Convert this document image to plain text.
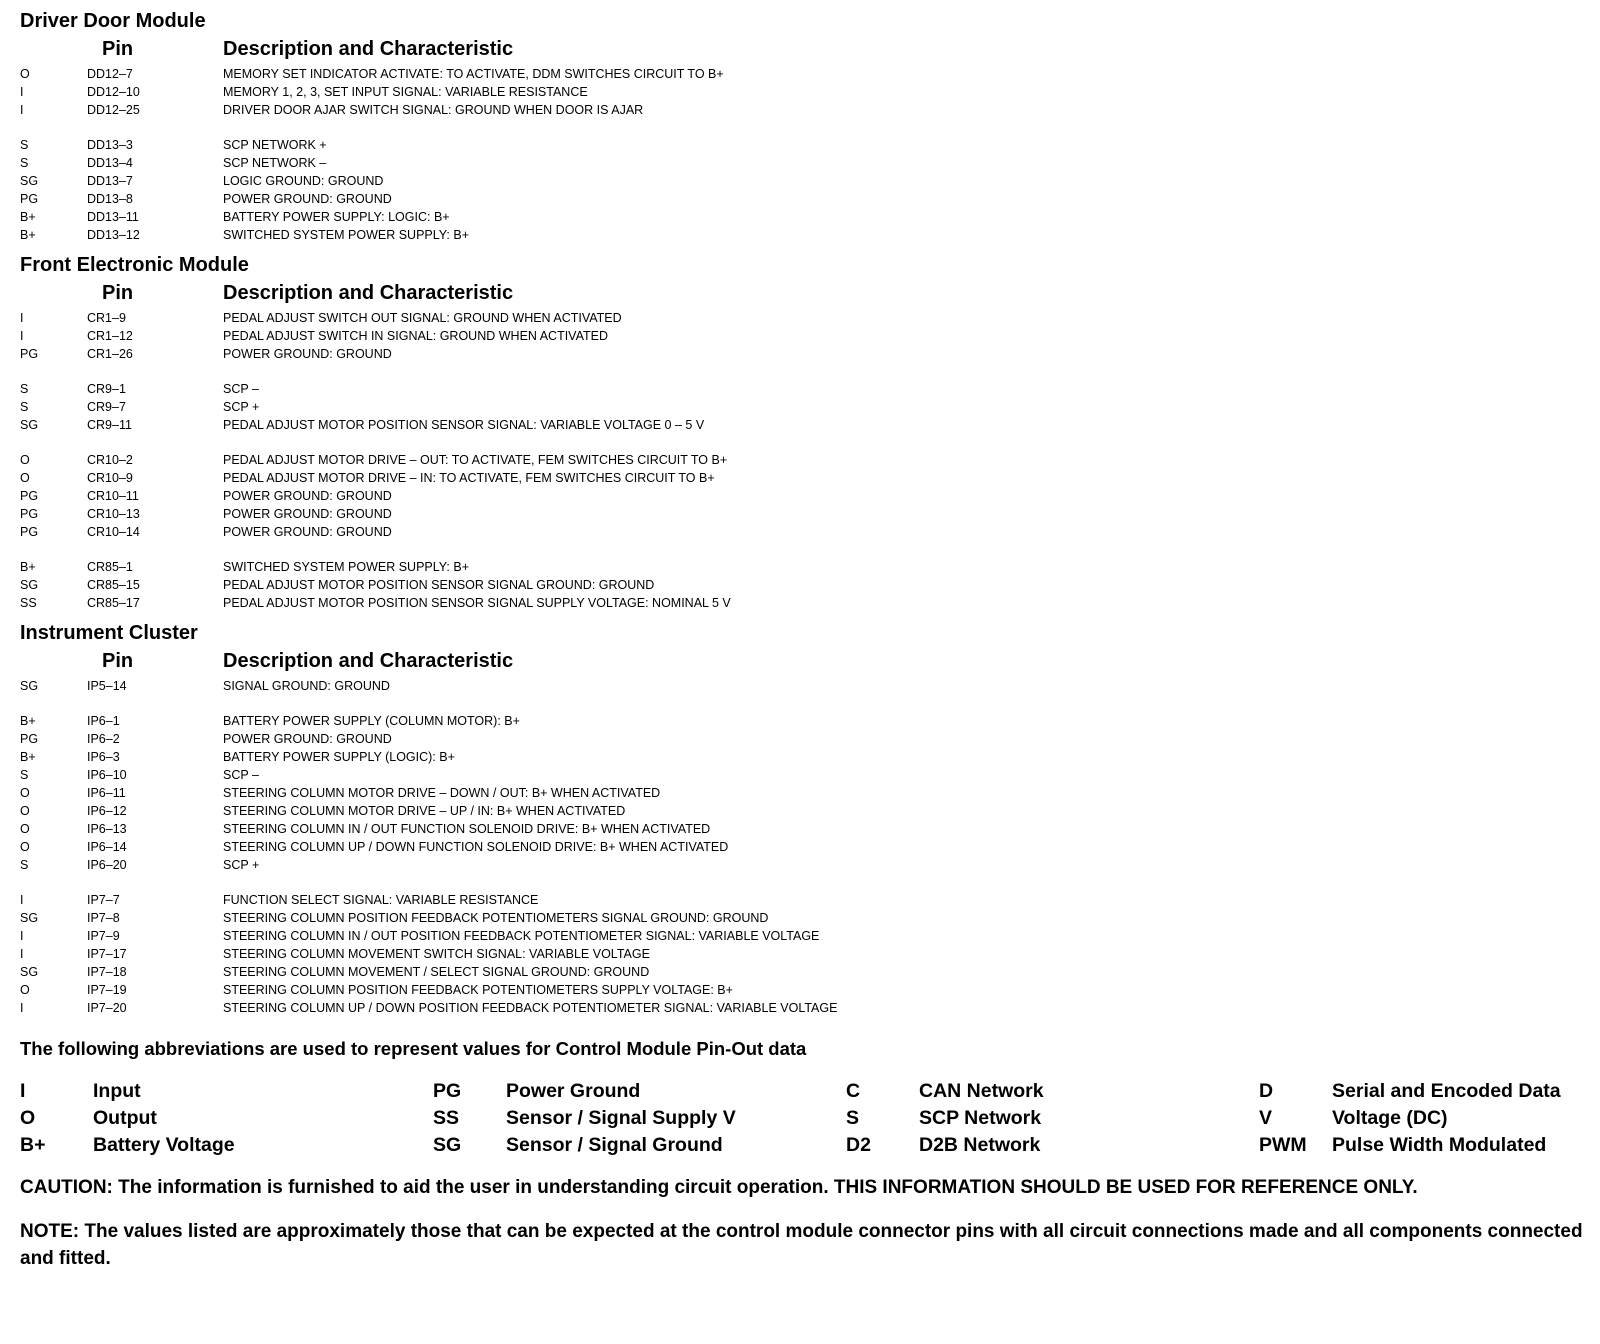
Driver Door Module
Pin	Description and Characteristic
O	DD12–7	MEMORY SET INDICATOR ACTIVATE: TO ACTIVATE, DDM SWITCHES CIRCUIT TO B+
I	DD12–10	MEMORY 1, 2, 3, SET INPUT SIGNAL: VARIABLE RESISTANCE
I	DD12–25	DRIVER DOOR AJAR SWITCH SIGNAL: GROUND WHEN DOOR IS AJAR
S	DD13–3	SCP NETWORK +
S	DD13–4	SCP NETWORK –
SG	DD13–7	LOGIC GROUND: GROUND
PG	DD13–8	POWER GROUND: GROUND
B+	DD13–11	BATTERY POWER SUPPLY: LOGIC: B+
B+	DD13–12	SWITCHED SYSTEM POWER SUPPLY: B+
Front Electronic Module
Pin	Description and Characteristic
I	CR1–9	PEDAL ADJUST SWITCH OUT SIGNAL: GROUND WHEN ACTIVATED
I	CR1–12	PEDAL ADJUST SWITCH IN SIGNAL: GROUND WHEN ACTIVATED
PG	CR1–26	POWER GROUND: GROUND
S	CR9–1	SCP –
S	CR9–7	SCP +
SG	CR9–11	PEDAL ADJUST MOTOR POSITION SENSOR SIGNAL: VARIABLE VOLTAGE 0 – 5 V
O	CR10–2	PEDAL ADJUST MOTOR DRIVE – OUT: TO ACTIVATE, FEM SWITCHES CIRCUIT TO B+
O	CR10–9	PEDAL ADJUST MOTOR DRIVE – IN: TO ACTIVATE, FEM SWITCHES CIRCUIT TO B+
PG	CR10–11	POWER GROUND: GROUND
PG	CR10–13	POWER GROUND: GROUND
PG	CR10–14	POWER GROUND: GROUND
B+	CR85–1	SWITCHED SYSTEM POWER SUPPLY: B+
SG	CR85–15	PEDAL ADJUST MOTOR POSITION SENSOR SIGNAL GROUND: GROUND
SS	CR85–17	PEDAL ADJUST MOTOR POSITION SENSOR SIGNAL SUPPLY VOLTAGE: NOMINAL 5 V
Instrument Cluster
Pin	Description and Characteristic
SG	IP5–14	SIGNAL GROUND: GROUND
B+	IP6–1	BATTERY POWER SUPPLY (COLUMN MOTOR): B+
PG	IP6–2	POWER GROUND: GROUND
B+	IP6–3	BATTERY POWER SUPPLY (LOGIC): B+
S	IP6–10	SCP –
O	IP6–11	STEERING COLUMN MOTOR DRIVE – DOWN / OUT: B+ WHEN ACTIVATED
O	IP6–12	STEERING COLUMN MOTOR DRIVE – UP / IN: B+ WHEN ACTIVATED
O	IP6–13	STEERING COLUMN IN / OUT FUNCTION SOLENOID DRIVE: B+ WHEN ACTIVATED
O	IP6–14	STEERING COLUMN UP / DOWN FUNCTION SOLENOID DRIVE: B+ WHEN ACTIVATED
S	IP6–20	SCP +
I	IP7–7	FUNCTION SELECT SIGNAL: VARIABLE RESISTANCE
SG	IP7–8	STEERING COLUMN POSITION FEEDBACK POTENTIOMETERS SIGNAL GROUND: GROUND
I	IP7–9	STEERING COLUMN IN / OUT POSITION FEEDBACK POTENTIOMETER SIGNAL: VARIABLE VOLTAGE
I	IP7–17	STEERING COLUMN MOVEMENT SWITCH SIGNAL: VARIABLE VOLTAGE
SG	IP7–18	STEERING COLUMN MOVEMENT / SELECT SIGNAL GROUND: GROUND
O	IP7–19	STEERING COLUMN POSITION FEEDBACK POTENTIOMETERS SUPPLY VOLTAGE: B+
I	IP7–20	STEERING COLUMN UP / DOWN POSITION FEEDBACK POTENTIOMETER SIGNAL: VARIABLE VOLTAGE
The following abbreviations are used to represent values for Control Module Pin-Out data
I	Input	PG	Power Ground	C	CAN Network	D	Serial and Encoded Data
O	Output	SS	Sensor / Signal Supply V	S	SCP Network	V	Voltage (DC)
B+	Battery Voltage	SG	Sensor / Signal Ground	D2	D2B Network	PWM	Pulse Width Modulated
CAUTION: The information is furnished to aid the user in understanding circuit operation. THIS INFORMATION SHOULD BE USED FOR REFERENCE ONLY.
NOTE: The values listed are approximately those that can be expected at the control module connector pins with all circuit connections made and all components connected and fitted.
